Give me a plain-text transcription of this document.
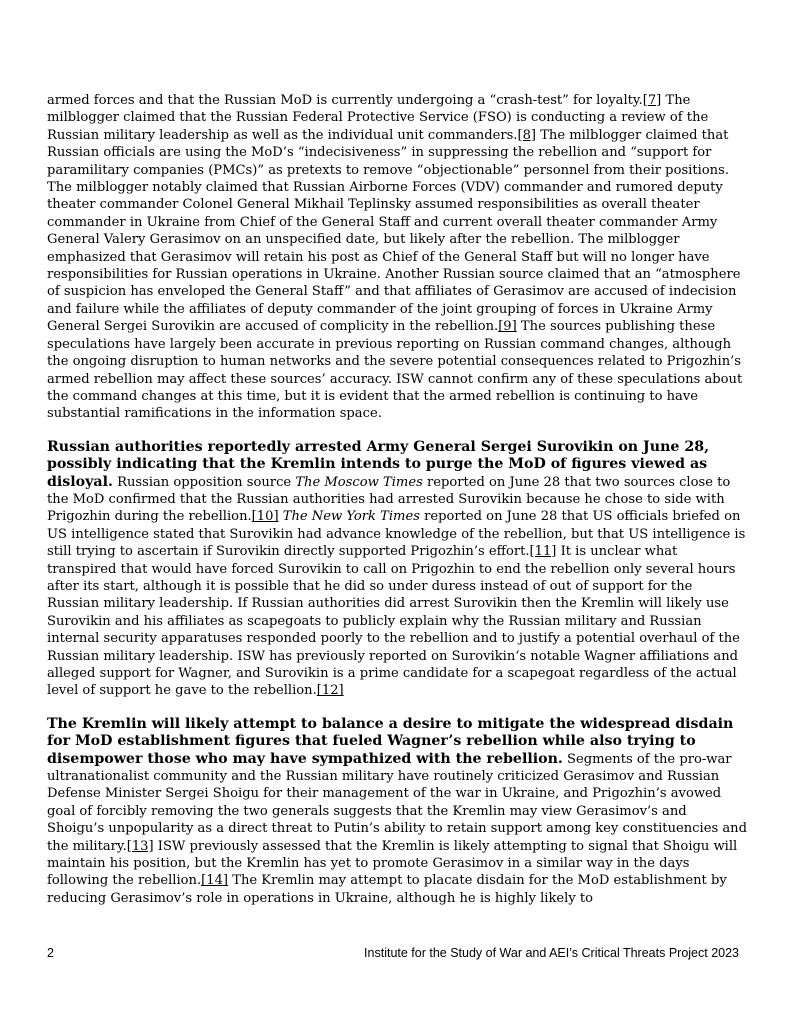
armed forces and that the Russian MoD is currently undergoing a “crash-test” for loyalty.[7] The milblogger claimed that the Russian Federal Protective Service (FSO) is conducting a review of the Russian military leadership as well as the individual unit commanders.[8] The milblogger claimed that Russian officials are using the MoD’s “indecisiveness” in suppressing the rebellion and “support for paramilitary companies (PMCs)” as pretexts to remove “objectionable” personnel from their positions. The milblogger notably claimed that Russian Airborne Forces (VDV) commander and rumored deputy theater commander Colonel General Mikhail Teplinsky assumed responsibilities as overall theater commander in Ukraine from Chief of the General Staff and current overall theater commander Army General Valery Gerasimov on an unspecified date, but likely after the rebellion. The milblogger emphasized that Gerasimov will retain his post as Chief of the General Staff but will no longer have responsibilities for Russian operations in Ukraine. Another Russian source claimed that an “atmosphere of suspicion has enveloped the General Staff” and that affiliates of Gerasimov are accused of indecision and failure while the affiliates of deputy commander of the joint grouping of forces in Ukraine Army General Sergei Surovikin are accused of complicity in the rebellion.[9] The sources publishing these speculations have largely been accurate in previous reporting on Russian command changes, although the ongoing disruption to human networks and the severe potential consequences related to Prigozhin’s armed rebellion may affect these sources’ accuracy. ISW cannot confirm any of these speculations about the command changes at this time, but it is evident that the armed rebellion is continuing to have substantial ramifications in the information space.

Russian authorities reportedly arrested Army General Sergei Surovikin on June 28, possibly indicating that the Kremlin intends to purge the MoD of figures viewed as disloyal. Russian opposition source The Moscow Times reported on June 28 that two sources close to the MoD confirmed that the Russian authorities had arrested Surovikin because he chose to side with Prigozhin during the rebellion.[10] The New York Times reported on June 28 that US officials briefed on US intelligence stated that Surovikin had advance knowledge of the rebellion, but that US intelligence is still trying to ascertain if Surovikin directly supported Prigozhin’s effort.[11] It is unclear what transpired that would have forced Surovikin to call on Prigozhin to end the rebellion only several hours after its start, although it is possible that he did so under duress instead of out of support for the Russian military leadership. If Russian authorities did arrest Surovikin then the Kremlin will likely use Surovikin and his affiliates as scapegoats to publicly explain why the Russian military and Russian internal security apparatuses responded poorly to the rebellion and to justify a potential overhaul of the Russian military leadership. ISW has previously reported on Surovikin‘s notable Wagner affiliations and alleged support for Wagner, and Surovikin is a prime candidate for a scapegoat regardless of the actual level of support he gave to the rebellion.[12]

The Kremlin will likely attempt to balance a desire to mitigate the widespread disdain for MoD establishment figures that fueled Wagner’s rebellion while also trying to disempower those who may have sympathized with the rebellion. Segments of the pro-war ultranationalist community and the Russian military have routinely criticized Gerasimov and Russian Defense Minister Sergei Shoigu for their management of the war in Ukraine, and Prigozhin’s avowed goal of forcibly removing the two generals suggests that the Kremlin may view Gerasimov’s and Shoigu’s unpopularity as a direct threat to Putin’s ability to retain support among key constituencies and the military.[13] ISW previously assessed that the Kremlin is likely attempting to signal that Shoigu will maintain his position, but the Kremlin has yet to promote Gerasimov in a similar way in the days following the rebellion.[14] The Kremlin may attempt to placate disdain for the MoD establishment by reducing Gerasimov’s role in operations in Ukraine, although he is highly likely to

2	Institute for the Study of War and AEI’s Critical Threats Project 2023
